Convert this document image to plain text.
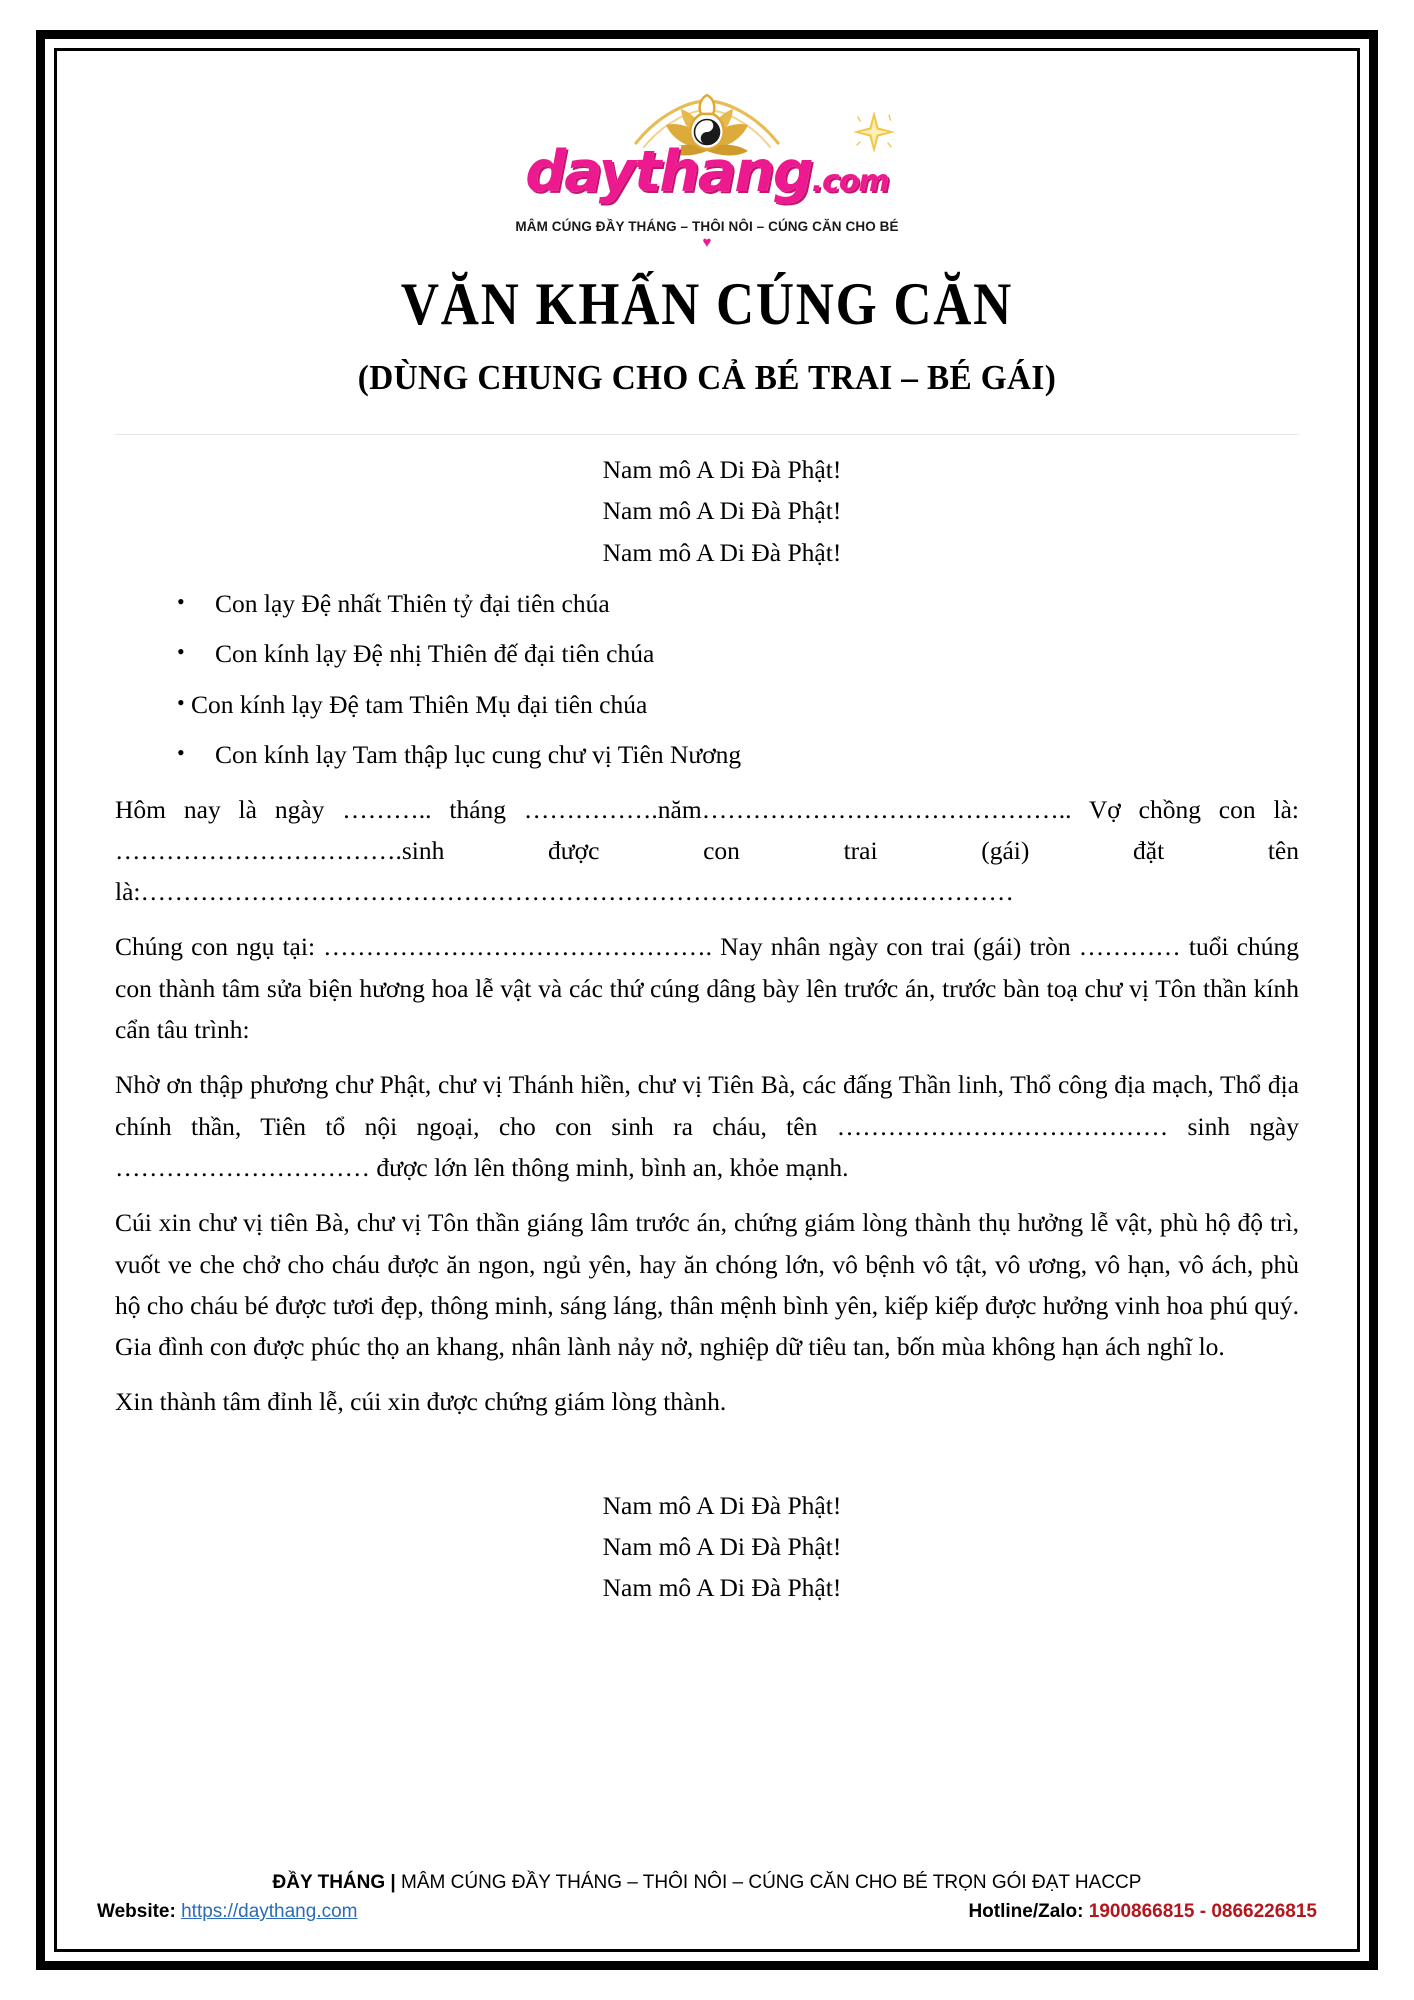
daythang.com
MÂM CÚNG ĐẦY THÁNG – THÔI NÔI – CÚNG CĂN CHO BÉ
♥
VĂN KHẤN CÚNG CĂN
(DÙNG CHUNG CHO CẢ BÉ TRAI – BÉ GÁI)
Nam mô A Di Đà Phật!
Nam mô A Di Đà Phật!
Nam mô A Di Đà Phật!
• Con lạy Đệ nhất Thiên tỷ đại tiên chúa
• Con kính lạy Đệ nhị Thiên đế đại tiên chúa
• Con kính lạy Đệ tam Thiên Mụ đại tiên chúa
• Con kính lạy Tam thập lục cung chư vị Tiên Nương

Hôm nay là ngày ……….. tháng …………….năm…………………………………….. Vợ chồng con là: …………………………….sinh được con trai (gái) đặt tên là:……………………………………………………………………………….…………

Chúng con ngụ tại: ………………………………………. Nay nhân ngày con trai (gái) tròn ………… tuổi chúng con thành tâm sửa biện hương hoa lễ vật và các thứ cúng dâng bày lên trước án, trước bàn toạ chư vị Tôn thần kính cẩn tâu trình:

Nhờ ơn thập phương chư Phật, chư vị Thánh hiền, chư vị Tiên Bà, các đấng Thần linh, Thổ công địa mạch, Thổ địa chính thần, Tiên tổ nội ngoại, cho con sinh ra cháu, tên ………………………………… sinh ngày ………………………… được lớn lên thông minh, bình an, khỏe mạnh.

Cúi xin chư vị tiên Bà, chư vị Tôn thần giáng lâm trước án, chứng giám lòng thành thụ hưởng lễ vật, phù hộ độ trì, vuốt ve che chở cho cháu được ăn ngon, ngủ yên, hay ăn chóng lớn, vô bệnh vô tật, vô ương, vô hạn, vô ách, phù hộ cho cháu bé được tươi đẹp, thông minh, sáng láng, thân mệnh bình yên, kiếp kiếp được hưởng vinh hoa phú quý. Gia đình con được phúc thọ an khang, nhân lành nảy nở, nghiệp dữ tiêu tan, bốn mùa không hạn ách nghĩ lo.

Xin thành tâm đỉnh lễ, cúi xin được chứng giám lòng thành.

Nam mô A Di Đà Phật!
Nam mô A Di Đà Phật!
Nam mô A Di Đà Phật!
ĐẦY THÁNG | MÂM CÚNG ĐẦY THÁNG – THÔI NÔI – CÚNG CĂN CHO BÉ TRỌN GÓI ĐẠT HACCP
Website: https://daythang.com	Hotline/Zalo: 1900866815 - 0866226815
